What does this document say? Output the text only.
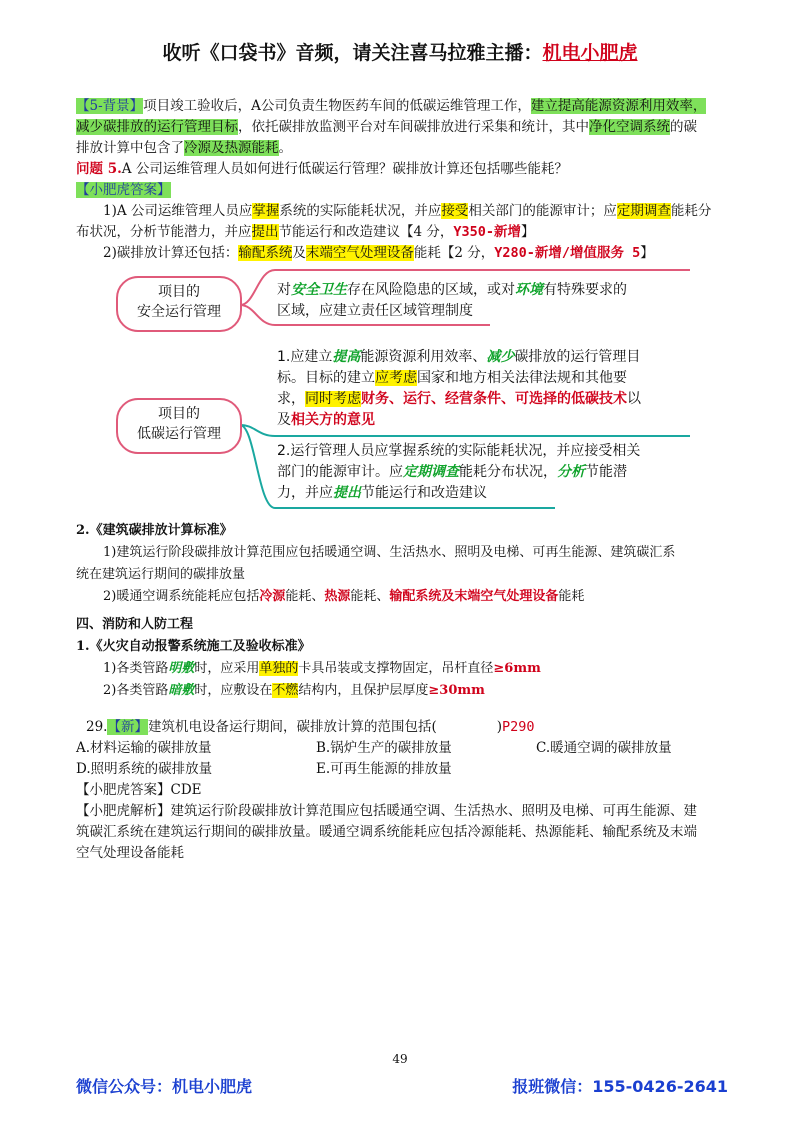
收听《口袋书》音频，请关注喜马拉雅主播：机电小肥虎
【5-背景】项目竣工验收后，A公司负责生物医药车间的低碳运维管理工作，建立提高能源资源利用效率，
减少碳排放的运行管理目标，依托碳排放监测平台对车间碳排放进行采集和统计，其中净化空调系统的碳
排放计算中包含了冷源及热源能耗。
问题 5.A 公司运维管理人员如何进行低碳运行管理？碳排放计算还包括哪些能耗？
【小肥虎答案】
1)A 公司运维管理人员应掌握系统的实际能耗状况，并应接受相关部门的能源审计；应定期调查能耗分
布状况，分析节能潜力，并应提出节能运行和改造建议【4 分，Y350-新增】
2)碳排放计算还包括：输配系统及末端空气处理设备能耗【2 分，Y280-新增/增值服务 5】
项目的
安全运行管理
项目的
低碳运行管理
对安全卫生存在风险隐患的区域，或对环境有特殊要求的
区域，应建立责任区域管理制度
1.应建立提高能源资源利用效率、减少碳排放的运行管理目
标。目标的建立应考虑国家和地方相关法律法规和其他要
求，同时考虑财务、运行、经营条件、可选择的低碳技术以
及相关方的意见
2.运行管理人员应掌握系统的实际能耗状况，并应接受相关
部门的能源审计。应定期调查能耗分布状况，分析节能潜
力，并应提出节能运行和改造建议
2.《建筑碳排放计算标准》
1)建筑运行阶段碳排放计算范围应包括暖通空调、生活热水、照明及电梯、可再生能源、建筑碳汇系
统在建筑运行期间的碳排放量
2)暖通空调系统能耗应包括冷源能耗、热源能耗、输配系统及末端空气处理设备能耗
四、消防和人防工程
1.《火灾自动报警系统施工及验收标准》
1)各类管路明敷时，应采用单独的卡具吊装或支撑物固定，吊杆直径≥6mm
2)各类管路暗敷时，应敷设在不燃结构内，且保护层厚度≥30mm
29.【新】建筑机电设备运行期间，碳排放计算的范围包括(	)P290
A.材料运输的碳排放量	B.锅炉生产的碳排放量	C.暖通空调的碳排放量
D.照明系统的碳排放量	E.可再生能源的排放量
【小肥虎答案】CDE
【小肥虎解析】建筑运行阶段碳排放计算范围应包括暖通空调、生活热水、照明及电梯、可再生能源、建
筑碳汇系统在建筑运行期间的碳排放量。暖通空调系统能耗应包括冷源能耗、热源能耗、输配系统及末端
空气处理设备能耗
49
微信公众号：机电小肥虎	报班微信：155-0426-2641
